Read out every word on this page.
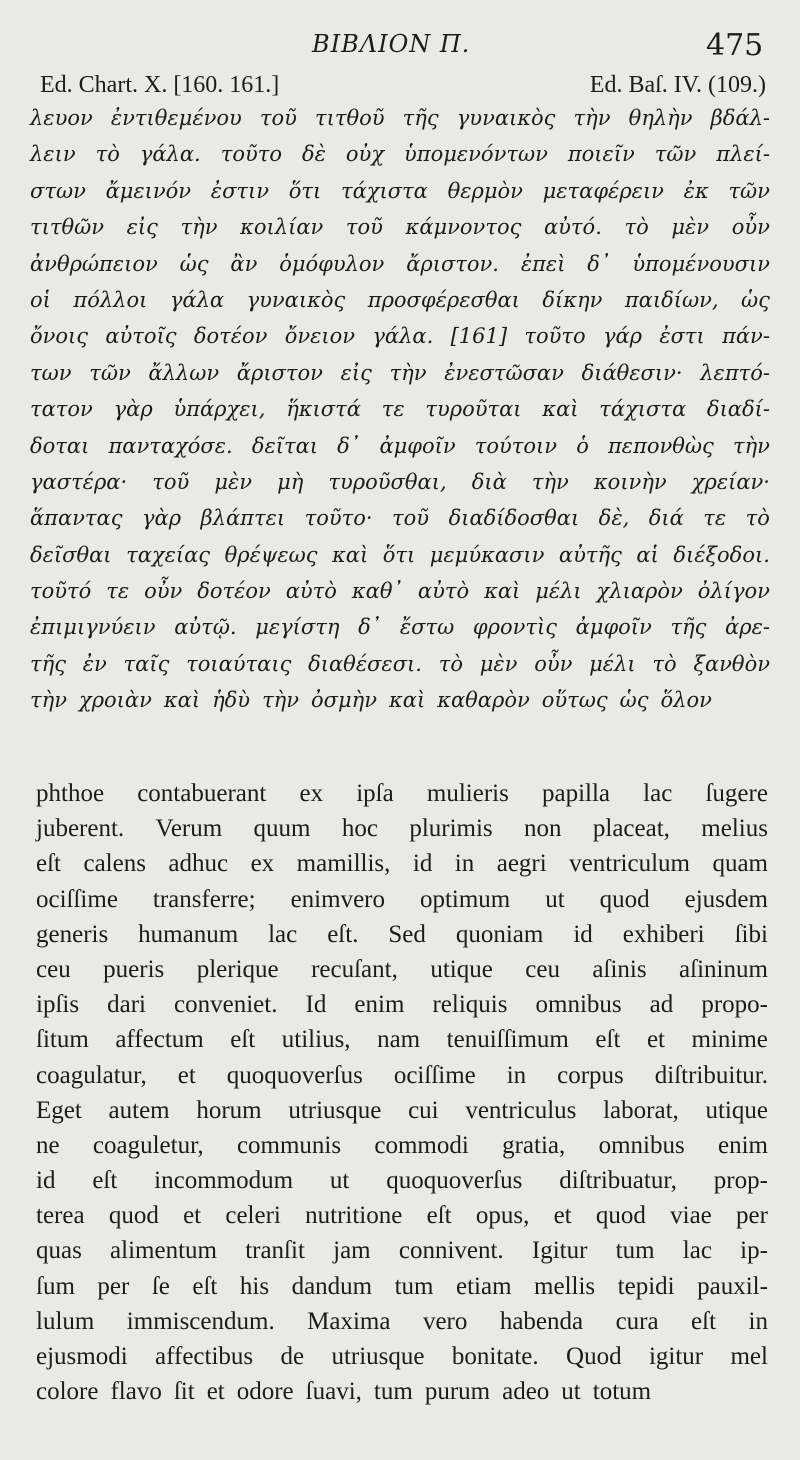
BIBΛΙΟΝ Π.	475
Ed. Chart. X. [160. 161.]	Ed. Baſ. IV. (109.)
λευον ἐντιθεμένου τοῦ τιτθοῦ τῆς γυναικὸς τὴν θηλὴν βδάλ-
λειν τὸ γάλα. τοῦτο δὲ οὐχ ὑπομενόντων ποιεῖν τῶν πλεί-
στων ἄμεινόν ἐστιν ὅτι τάχιστα θερμὸν μεταφέρειν ἐκ τῶν
τιτθῶν εἰς τὴν κοιλίαν τοῦ κάμνοντος αὐτό. τὸ μὲν οὖν
ἀνθρώπειον ὡς ἂν ὁμόφυλον ἄριστον. ἐπεὶ δ᾽ ὑπομένουσιν
οἱ πόλλοι γάλα γυναικὸς προσφέρεσθαι δίκην παιδίων, ὡς
ὄνοις αὐτοῖς δοτέον ὄνειον γάλα. [161] τοῦτο γάρ ἐστι πάν-
των τῶν ἄλλων ἄριστον εἰς τὴν ἐνεστῶσαν διάθεσιν· λεπτό-
τατον γὰρ ὑπάρχει, ἥκιστά τε τυροῦται καὶ τάχιστα διαδί-
δοται πανταχόσε. δεῖται δ᾽ ἀμφοῖν τούτοιν ὁ πεπονθὼς τὴν
γαστέρα· τοῦ μὲν μὴ τυροῦσθαι, διὰ τὴν κοινὴν χρείαν·
ἅπαντας γὰρ βλάπτει τοῦτο· τοῦ διαδίδοσθαι δὲ, διά τε τὸ
δεῖσθαι ταχείας θρέψεως καὶ ὅτι μεμύκασιν αὐτῆς αἱ διέξοδοι.
τοῦτό τε οὖν δοτέον αὐτὸ καθ᾽ αὐτὸ καὶ μέλι χλιαρὸν ὀλίγον
ἐπιμιγνύειν αὐτῷ. μεγίστη δ᾽ ἔστω φροντὶς ἀμφοῖν τῆς ἀρε-
τῆς ἐν ταῖς τοιαύταις διαθέσεσι. τὸ μὲν οὖν μέλι τὸ ξανθὸν
τὴν χροιὰν καὶ ἡδὺ τὴν ὀσμὴν καὶ καθαρὸν οὕτως ὡς ὅλον
phthoe contabuerant ex ipſa mulieris papilla lac ſugere
juberent. Verum quum hoc plurimis non placeat, melius
eſt calens adhuc ex mamillis, id in aegri ventriculum quam
ociſſime transferre; enimvero optimum ut quod ejusdem
generis humanum lac eſt. Sed quoniam id exhiberi ſibi
ceu pueris plerique recuſant, utique ceu aſinis aſininum
ipſis dari conveniet. Id enim reliquis omnibus ad propo-
ſitum affectum eſt utilius, nam tenuiſſimum eſt et minime
coagulatur, et quoquoverſus ociſſime in corpus diſtribuitur.
Eget autem horum utriusque cui ventriculus laborat, utique
ne coaguletur, communis commodi gratia, omnibus enim
id eſt incommodum ut quoquoverſus diſtribuatur, prop-
terea quod et celeri nutritione eſt opus, et quod viae per
quas alimentum tranſit jam connivent. Igitur tum lac ip-
ſum per ſe eſt his dandum tum etiam mellis tepidi pauxil-
lulum immiscendum. Maxima vero habenda cura eſt in
ejusmodi affectibus de utriusque bonitate. Quod igitur mel
colore flavo ſit et odore ſuavi, tum purum adeo ut totum
